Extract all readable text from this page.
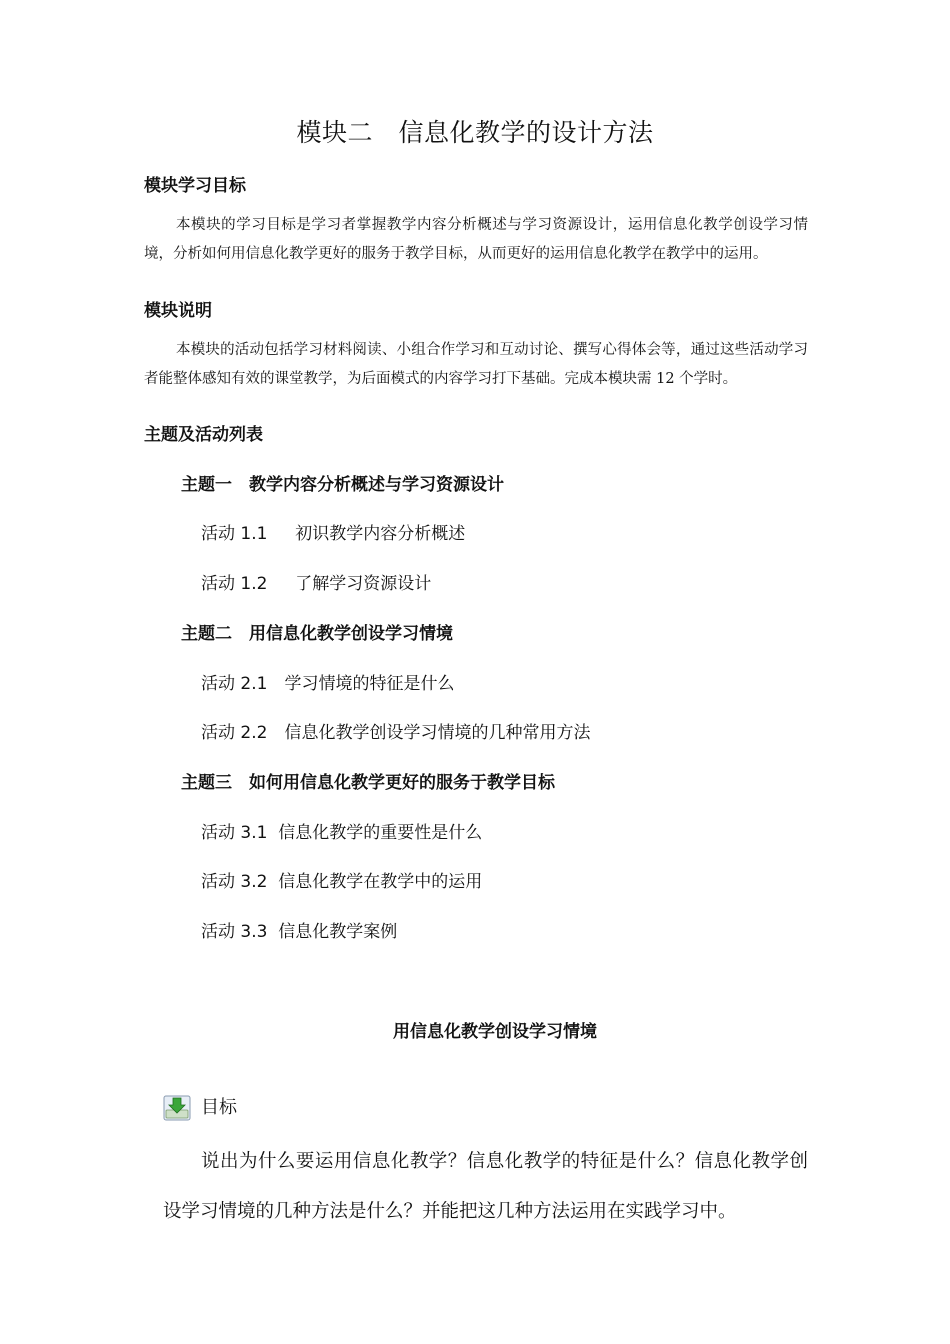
模块二　信息化教学的设计方法
模块学习目标
本模块的学习目标是学习者掌握教学内容分析概述与学习资源设计，运用信息化教学创设学习情境，分析如何用信息化教学更好的服务于教学目标，从而更好的运用信息化教学在教学中的运用。
模块说明
本模块的活动包括学习材料阅读、小组合作学习和互动讨论、撰写心得体会等，通过这些活动学习者能整体感知有效的课堂教学，为后面模式的内容学习打下基础。完成本模块需 12 个学时。
主题及活动列表
主题一　教学内容分析概述与学习资源设计
活动 1.1　  初识教学内容分析概述
活动 1.2　  了解学习资源设计
主题二　用信息化教学创设学习情境
活动 2.1　学习情境的特征是什么
活动 2.2　信息化教学创设学习情境的几种常用方法
主题三　如何用信息化教学更好的服务于教学目标
活动 3.1  信息化教学的重要性是什么
活动 3.2  信息化教学在教学中的运用
活动 3.3  信息化教学案例
用信息化教学创设学习情境
目标
说出为什么要运用信息化教学？信息化教学的特征是什么？信息化教学创设学习情境的几种方法是什么？并能把这几种方法运用在实践学习中。
